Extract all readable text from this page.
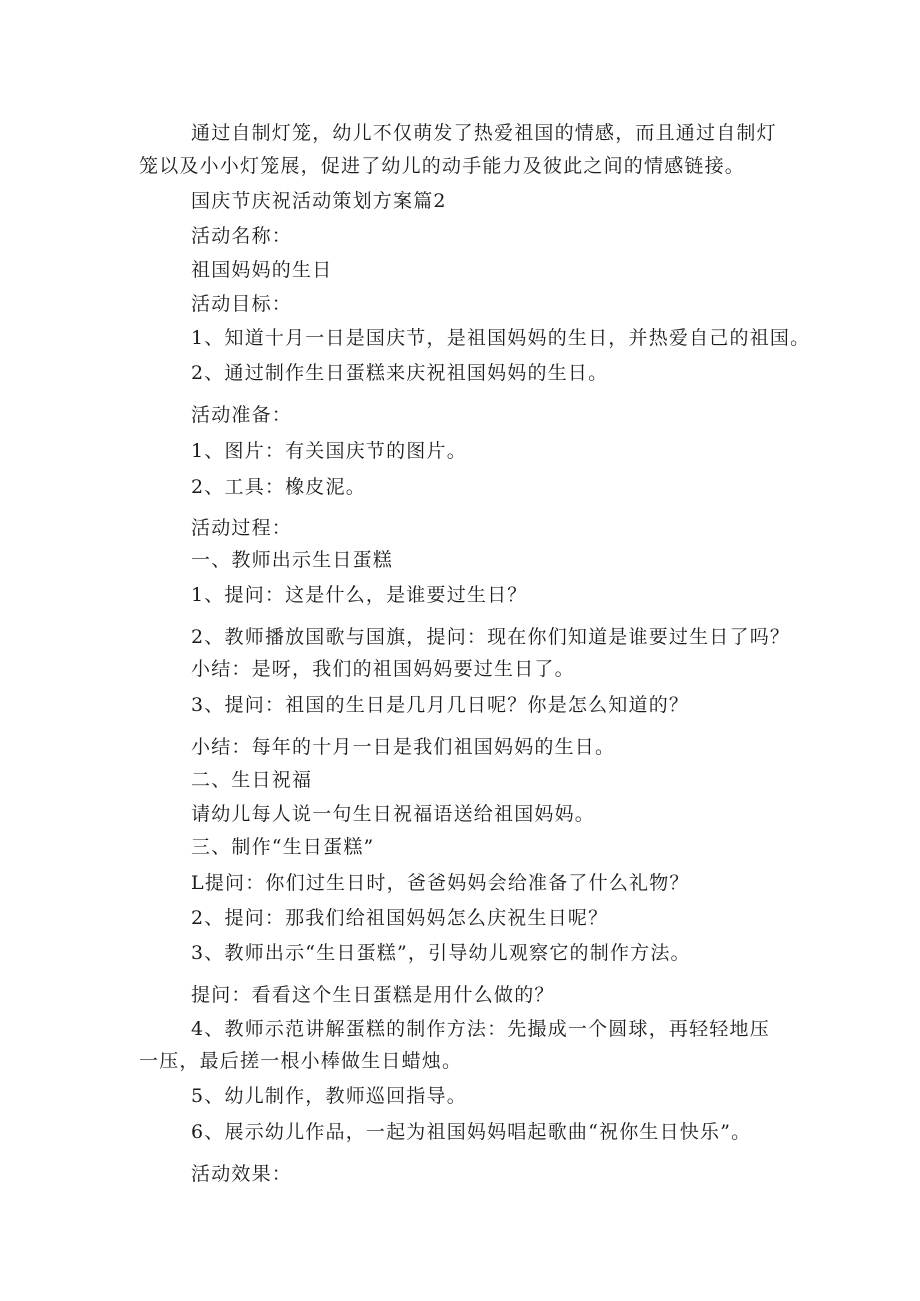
通过自制灯笼，幼儿不仅萌发了热爱祖国的情感，而且通过自制灯
笼以及小小灯笼展，促进了幼儿的动手能力及彼此之间的情感链接。
国庆节庆祝活动策划方案篇2
活动名称：
祖国妈妈的生日
活动目标：
1、知道十月一日是国庆节，是祖国妈妈的生日，并热爱自己的祖国。
2、通过制作生日蛋糕来庆祝祖国妈妈的生日。
活动准备：
1、图片：有关国庆节的图片。
2、工具：橡皮泥。
活动过程：
一、教师出示生日蛋糕
1、提问：这是什么，是谁要过生日？
2、教师播放国歌与国旗，提问：现在你们知道是谁要过生日了吗？
小结：是呀，我们的祖国妈妈要过生日了。
3、提问：祖国的生日是几月几日呢？你是怎么知道的？
小结：每年的十月一日是我们祖国妈妈的生日。
二、生日祝福
请幼儿每人说一句生日祝福语送给祖国妈妈。
三、制作“生日蛋糕”
L提问：你们过生日时，爸爸妈妈会给准备了什么礼物？
2、提问：那我们给祖国妈妈怎么庆祝生日呢？
3、教师出示“生日蛋糕”，引导幼儿观察它的制作方法。
提问：看看这个生日蛋糕是用什么做的？
4、教师示范讲解蛋糕的制作方法：先撮成一个圆球，再轻轻地压
一压，最后搓一根小棒做生日蜡烛。
5、幼儿制作，教师巡回指导。
6、展示幼儿作品，一起为祖国妈妈唱起歌曲“祝你生日快乐”。
活动效果：
